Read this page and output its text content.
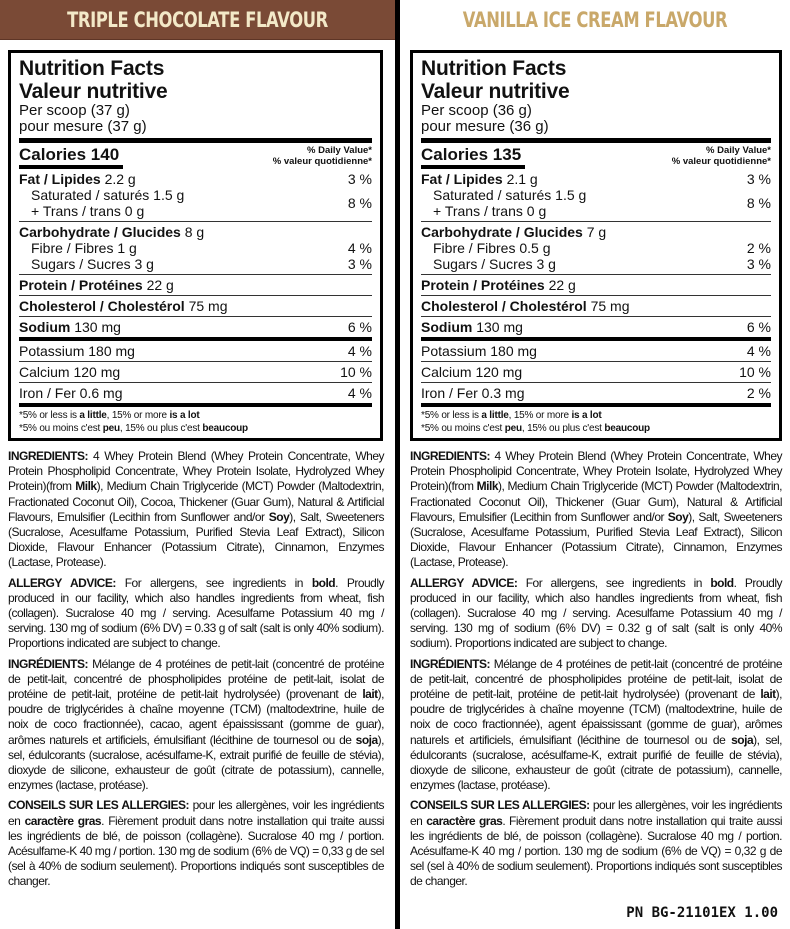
TRIPLE CHOCOLATE FLAVOUR
Nutrition Facts
Valeur nutritive
Per scoop (37 g)
pour mesure (37 g)
Calories 140	% Daily Value*
% valeur quotidienne*
Fat / Lipides 2.2 g	3 %
Saturated / saturés 1.5 g
+ Trans / trans 0 g	8 %
Carbohydrate / Glucides 8 g
Fibre / Fibres 1 g	4 %
Sugars / Sucres 3 g	3 %
Protein / Protéines 22 g
Cholesterol / Cholestérol 75 mg
Sodium 130 mg	6 %
Potassium 180 mg	4 %
Calcium 120 mg	10 %
Iron / Fer 0.6 mg	4 %
*5% or less is a little, 15% or more is a lot
*5% ou moins c'est peu, 15% ou plus c'est beaucoup

INGREDIENTS: 4 Whey Protein Blend (Whey Protein Concentrate, Whey Protein Phospholipid Concentrate, Whey Protein Isolate, Hydrolyzed Whey Protein)(from Milk), Medium Chain Triglyceride (MCT) Powder (Maltodextrin, Fractionated Coconut Oil), Cocoa, Thickener (Guar Gum), Natural & Artificial Flavours, Emulsifier (Lecithin from Sunflower and/or Soy), Salt, Sweeteners (Sucralose, Acesulfame Potassium, Purified Stevia Leaf Extract), Silicon Dioxide, Flavour Enhancer (Potassium Citrate), Cinnamon, Enzymes (Lactase, Protease).

ALLERGY ADVICE: For allergens, see ingredients in bold. Proudly produced in our facility, which also handles ingredients from wheat, fish (collagen). Sucralose 40 mg / serving. Acesulfame Potassium 40 mg / serving. 130 mg of sodium (6% DV) = 0.33 g of salt (salt is only 40% sodium). Proportions indicated are subject to change.

INGRÉDIENTS: Mélange de 4 protéines de petit-lait (concentré de protéine de petit-lait, concentré de phospholipides protéine de petit-lait, isolat de protéine de petit-lait, protéine de petit-lait hydrolysée) (provenant de lait), poudre de triglycérides à chaîne moyenne (TCM) (maltodextrine, huile de noix de coco fractionnée), cacao, agent épaississant (gomme de guar), arômes naturels et artificiels, émulsifiant (lécithine de tournesol ou de soja), sel, édulcorants (sucralose, acésulfame-K, extrait purifié de feuille de stévia), dioxyde de silicone, exhausteur de goût (citrate de potassium), cannelle, enzymes (lactase, protéase).

CONSEILS SUR LES ALLERGIES: pour les allergènes, voir les ingrédients en caractère gras. Fièrement produit dans notre installation qui traite aussi les ingrédients de blé, de poisson (collagène). Sucralose 40 mg / portion. Acésulfame-K 40 mg / portion. 130 mg de sodium (6% de VQ) = 0,33 g de sel (sel à 40% de sodium seulement). Proportions indiqués sont susceptibles de changer.

VANILLA ICE CREAM FLAVOUR
Nutrition Facts
Valeur nutritive
Per scoop (36 g)
pour mesure (36 g)
Calories 135	% Daily Value*
% valeur quotidienne*
Fat / Lipides 2.1 g	3 %
Saturated / saturés 1.5 g
+ Trans / trans 0 g	8 %
Carbohydrate / Glucides 7 g
Fibre / Fibres 0.5 g	2 %
Sugars / Sucres 3 g	3 %
Protein / Protéines 22 g
Cholesterol / Cholestérol 75 mg
Sodium 130 mg	6 %
Potassium 180 mg	4 %
Calcium 120 mg	10 %
Iron / Fer 0.3 mg	2 %
*5% or less is a little, 15% or more is a lot
*5% ou moins c'est peu, 15% ou plus c'est beaucoup

INGREDIENTS: 4 Whey Protein Blend (Whey Protein Concentrate, Whey Protein Phospholipid Concentrate, Whey Protein Isolate, Hydrolyzed Whey Protein)(from Milk), Medium Chain Triglyceride (MCT) Powder (Maltodextrin, Fractionated Coconut Oil), Thickener (Guar Gum), Natural & Artificial Flavours, Emulsifier (Lecithin from Sunflower and/or Soy), Salt, Sweeteners (Sucralose, Acesulfame Potassium, Purified Stevia Leaf Extract), Silicon Dioxide, Flavour Enhancer (Potassium Citrate), Cinnamon, Enzymes (Lactase, Protease).

ALLERGY ADVICE: For allergens, see ingredients in bold. Proudly produced in our facility, which also handles ingredients from wheat, fish (collagen). Sucralose 40 mg / serving. Acesulfame Potassium 40 mg / serving. 130 mg of sodium (6% DV) = 0.32 g of salt (salt is only 40% sodium). Proportions indicated are subject to change.

INGRÉDIENTS: Mélange de 4 protéines de petit-lait (concentré de protéine de petit-lait, concentré de phospholipides protéine de petit-lait, isolat de protéine de petit-lait, protéine de petit-lait hydrolysée) (provenant de lait), poudre de triglycérides à chaîne moyenne (TCM) (maltodextrine, huile de noix de coco fractionnée), agent épaississant (gomme de guar), arômes naturels et artificiels, émulsifiant (lécithine de tournesol ou de soja), sel, édulcorants (sucralose, acésulfame-K, extrait purifié de feuille de stévia), dioxyde de silicone, exhausteur de goût (citrate de potassium), cannelle, enzymes (lactase, protéase).

CONSEILS SUR LES ALLERGIES: pour les allergènes, voir les ingrédients en caractère gras. Fièrement produit dans notre installation qui traite aussi les ingrédients de blé, de poisson (collagène). Sucralose 40 mg / portion. Acésulfame-K 40 mg / portion. 130 mg de sodium (6% de VQ) = 0,32 g de sel (sel à 40% de sodium seulement). Proportions indiqués sont susceptibles de changer.

PN BG-21101EX 1.00
